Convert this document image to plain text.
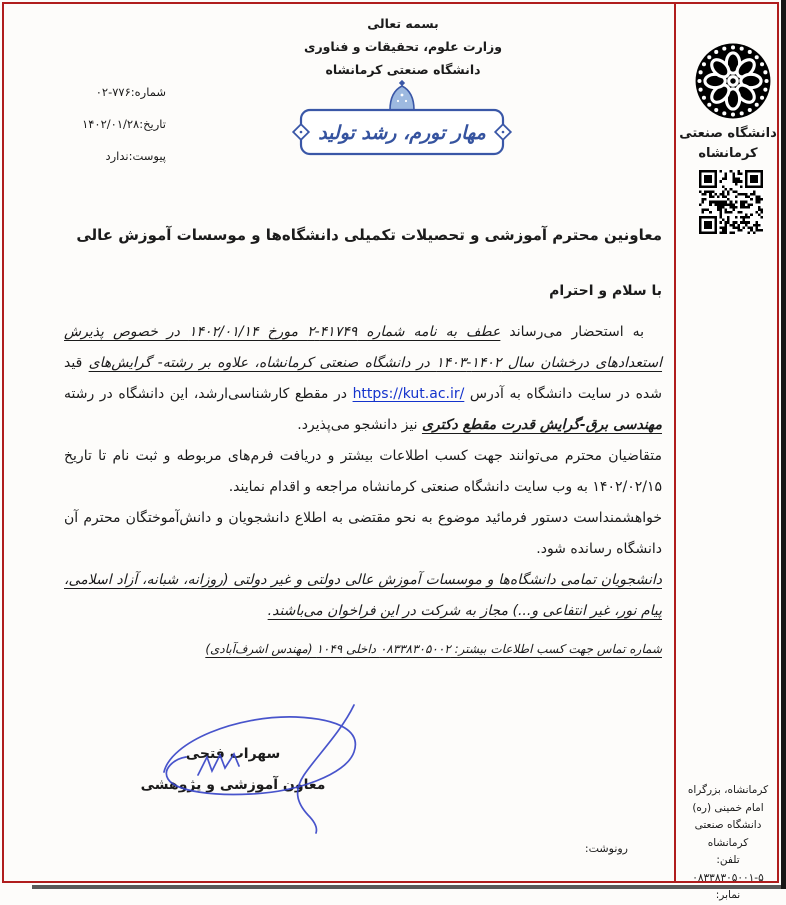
شماره:۷۷۶-۰۲
تاریخ:۱۴۰۲/۰۱/۲۸
پیوست:ندارد
بسمه تعالی
وزارت علوم، تحقیقات و فناوری
دانشگاه صنعتی کرمانشاه
مهار تورم، رشد تولید	دانشگاه صنعتی
کرمانشاه
کرمانشاه، بزرگراه
امام خمینی (ره)
دانشگاه صنعتی کرمانشاه
تلفن:
۰۸۳۳۸۳۰۵۰۰۱-۵
نمابر:
معاونین محترم آموزشی و تحصیلات تکمیلی دانشگاه‌ها و موسسات آموزش عالی
با سلام و احترام

به استحضار می‌رساند عطف به نامه شماره ۴۱۷۴۹-۲ مورخ ۱۴۰۲/۰۱/۱۴ در خصوص پذیرش استعدادهای درخشان سال ۱۴۰۲-۱۴۰۳ در دانشگاه صنعتی کرمانشاه، علاوه بر رشته- گرایش‌های قید شده در سایت دانشگاه به آدرس https://kut.ac.ir/ در مقطع کارشناسی‌ارشد، این دانشگاه در رشته مهندسی برق-گرایش قدرت مقطع دکتری نیز دانشجو می‌پذیرد.

متقاضیان محترم می‌توانند جهت کسب اطلاعات بیشتر و دریافت فرم‌های مربوطه و ثبت نام تا تاریخ ۱۴۰۲/۰۲/۱۵ به وب سایت دانشگاه صنعتی کرمانشاه مراجعه و اقدام نمایند.

خواهشمنداست دستور فرمائید موضوع به نحو مقتضی به اطلاع دانشجویان و دانش‌آموختگان محترم آن دانشگاه رسانده شود.

دانشجویان تمامی دانشگاه‌ها و موسسات آموزش عالی دولتی و غیر دولتی (روزانه، شبانه، آزاد اسلامی، پیام نور، غیر انتفاعی و...) مجاز به شرکت در این فراخوان می‌باشند.

شماره تماس جهت کسب اطلاعات بیشتر: ۰۸۳۳۸۳۰۵۰۰۲ داخلی ۱۰۴۹ (مهندس اشرف‌آبادی)

سهراب فتحی
معاون آموزشی و پژوهشی
رونوشت:
